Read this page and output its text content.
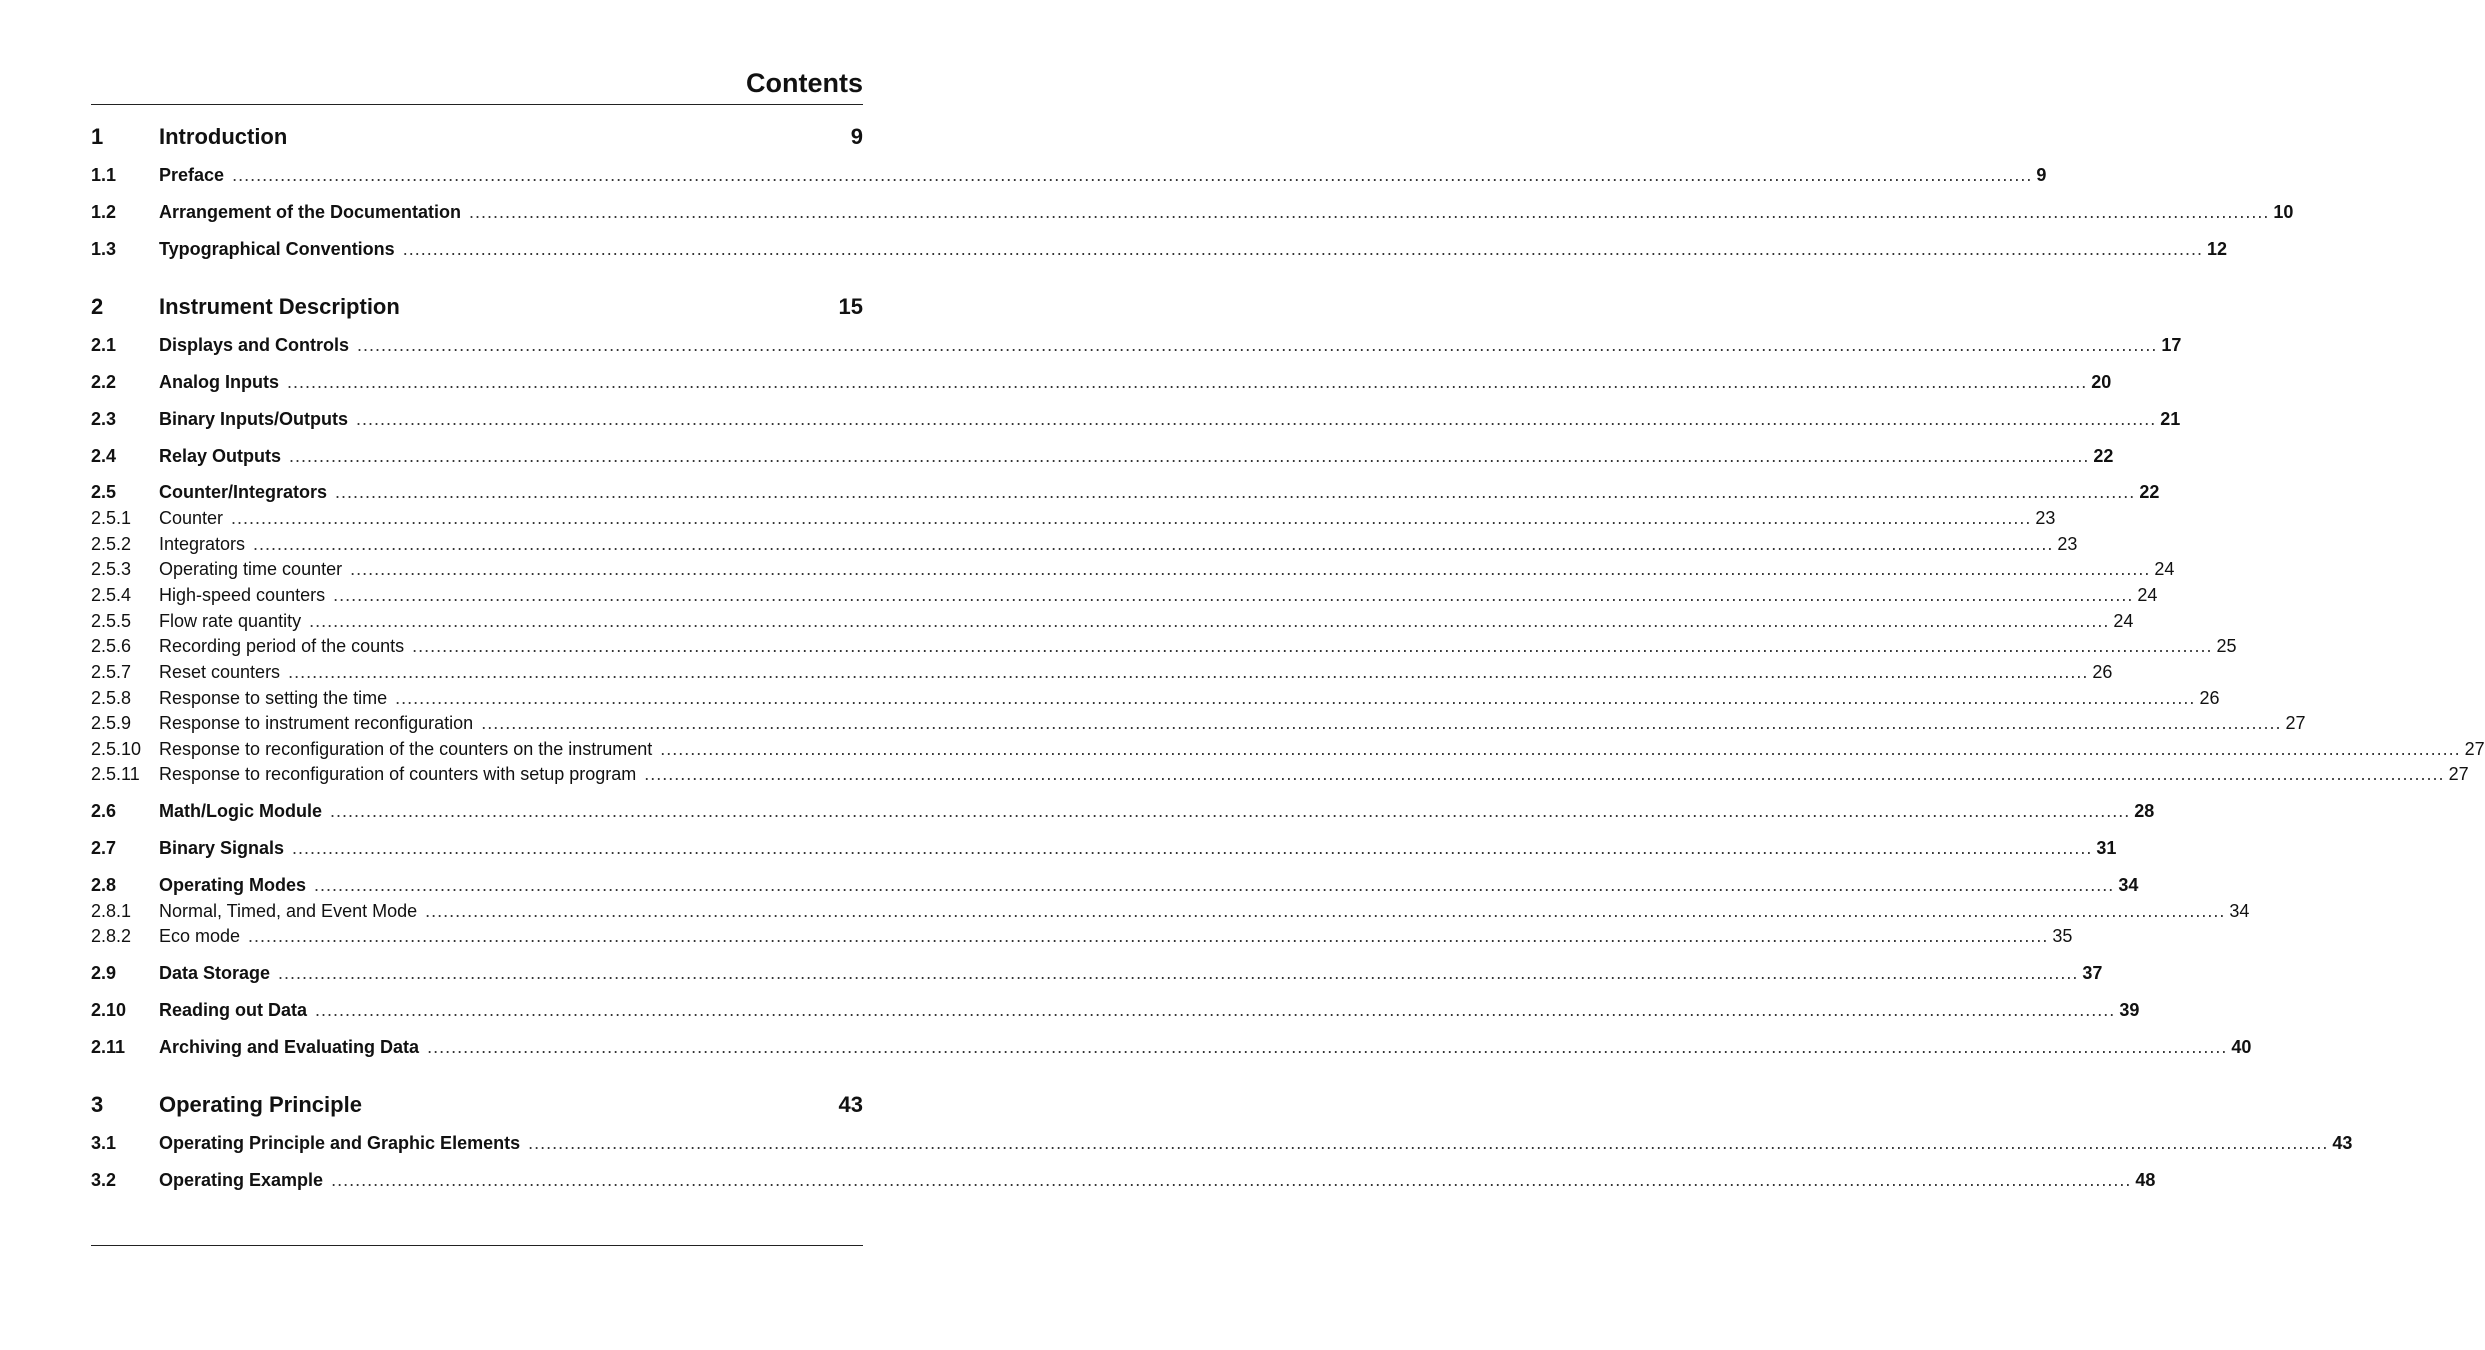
Contents
1	Introduction	9
1.1	Preface ............................................................................................................................................................................................................................................................................................................ 9
1.2	Arrangement of the Documentation ............................................................................................................................................................................................................................................................................................................ 10
1.3	Typographical Conventions ............................................................................................................................................................................................................................................................................................................ 12
2	Instrument Description	15
2.1	Displays and Controls ............................................................................................................................................................................................................................................................................................................ 17
2.2	Analog Inputs ............................................................................................................................................................................................................................................................................................................ 20
2.3	Binary Inputs/Outputs ............................................................................................................................................................................................................................................................................................................ 21
2.4	Relay Outputs ............................................................................................................................................................................................................................................................................................................ 22
2.5	Counter/Integrators ............................................................................................................................................................................................................................................................................................................ 22
2.5.1	Counter ............................................................................................................................................................................................................................................................................................................ 23
2.5.2	Integrators ............................................................................................................................................................................................................................................................................................................ 23
2.5.3	Operating time counter ............................................................................................................................................................................................................................................................................................................ 24
2.5.4	High-speed counters ............................................................................................................................................................................................................................................................................................................ 24
2.5.5	Flow rate quantity ............................................................................................................................................................................................................................................................................................................ 24
2.5.6	Recording period of the counts ............................................................................................................................................................................................................................................................................................................ 25
2.5.7	Reset counters ............................................................................................................................................................................................................................................................................................................ 26
2.5.8	Response to setting the time ............................................................................................................................................................................................................................................................................................................ 26
2.5.9	Response to instrument reconfiguration ............................................................................................................................................................................................................................................................................................................ 27
2.5.10 Response to reconfiguration of the counters on the instrument ............................................................................................................................................................................................................................................................................................................ 27
2.5.11	Response to reconfiguration of counters with setup program ............................................................................................................................................................................................................................................................................................................ 27
2.6	Math/Logic Module ............................................................................................................................................................................................................................................................................................................ 28
2.7	Binary Signals ............................................................................................................................................................................................................................................................................................................ 31
2.8	Operating Modes ............................................................................................................................................................................................................................................................................................................ 34
2.8.1	Normal, Timed, and Event Mode ............................................................................................................................................................................................................................................................................................................ 34
2.8.2	Eco mode ............................................................................................................................................................................................................................................................................................................ 35
2.9	Data Storage ............................................................................................................................................................................................................................................................................................................ 37
2.10	Reading out Data ............................................................................................................................................................................................................................................................................................................ 39
2.11	Archiving and Evaluating Data ............................................................................................................................................................................................................................................................................................................ 40
3	Operating Principle	43
3.1	Operating Principle and Graphic Elements ............................................................................................................................................................................................................................................................................................................ 43
3.2	Operating Example ............................................................................................................................................................................................................................................................................................................ 48
